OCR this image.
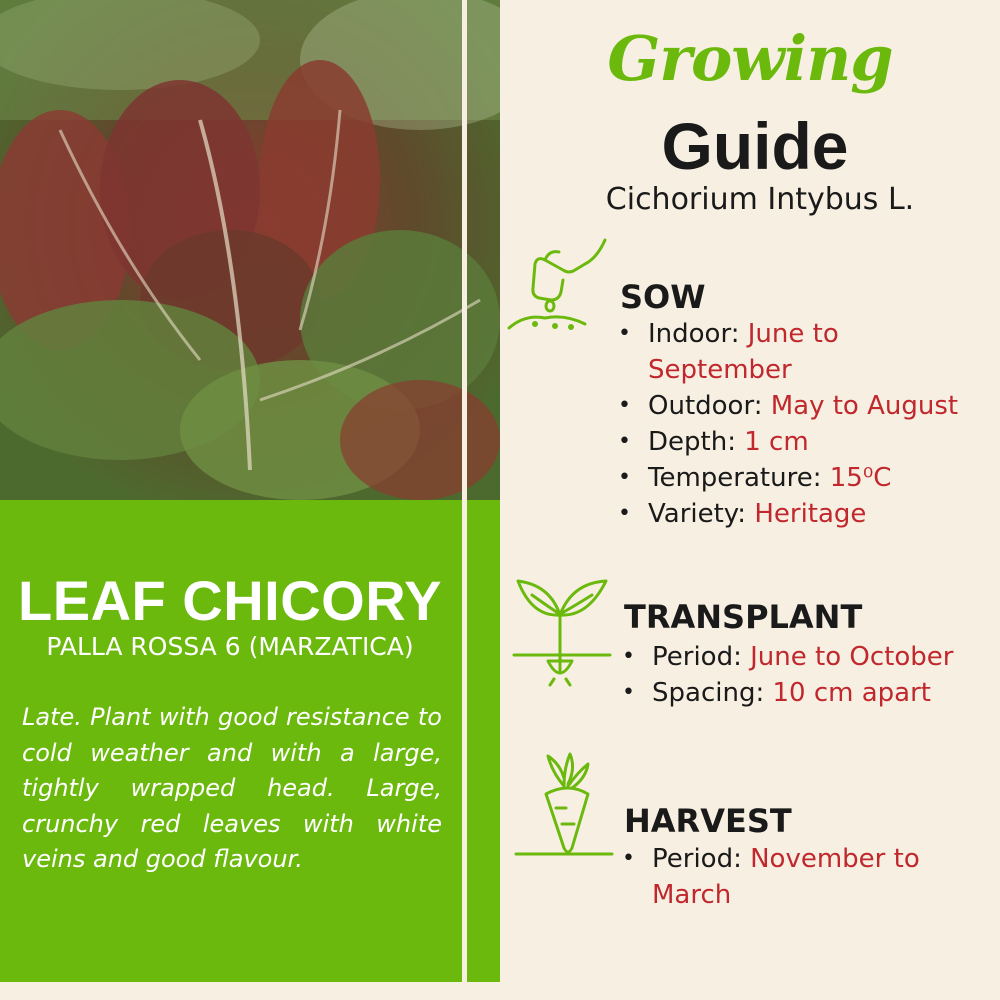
LEAF CHICORY

PALLA ROSSA 6 (MARZATICA)

Late. Plant with good resistance to cold weather and with a large, tightly wrapped head. Large, crunchy red leaves with white veins and good flavour.

Growing
Guide

Cichorium Intybus L.

SOW
• Indoor: June to September
• Outdoor: May to August
• Depth: 1 cm
• Temperature: 15⁰C
• Variety: Heritage
TRANSPLANT
• Period: June to October
• Spacing: 10 cm apart
HARVEST
• Period: November to March
